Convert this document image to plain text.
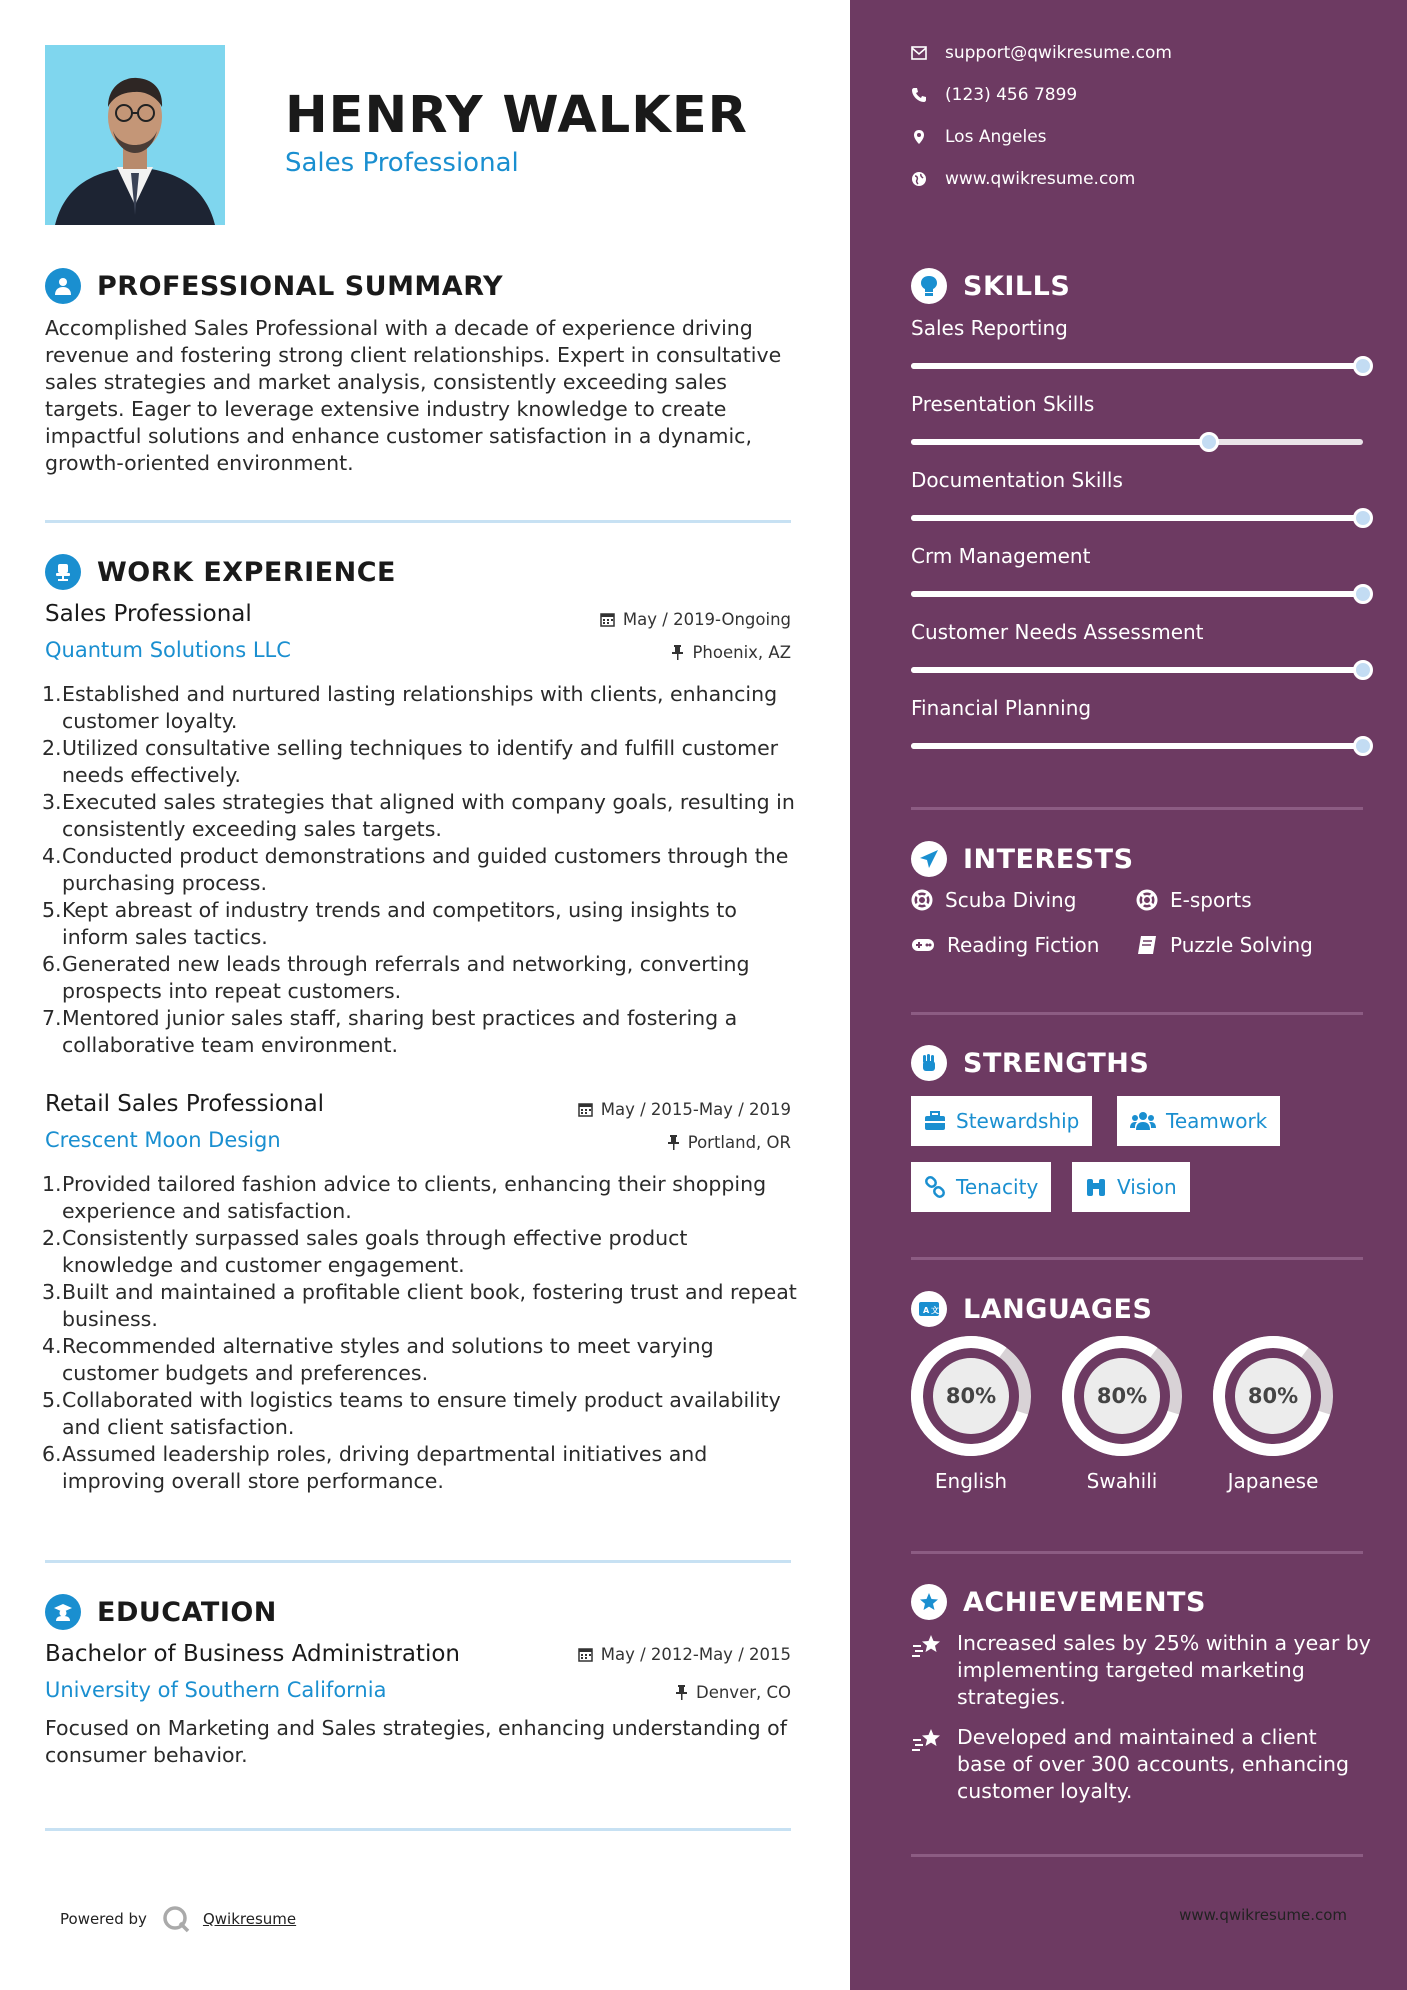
HENRY WALKER
Sales Professional
PROFESSIONAL SUMMARY
Accomplished Sales Professional with a decade of experience driving revenue and fostering strong client relationships. Expert in consultative sales strategies and market analysis, consistently exceeding sales targets. Eager to leverage extensive industry knowledge to create impactful solutions and enhance customer satisfaction in a dynamic, growth-oriented environment.
WORK EXPERIENCE
Sales Professional	May / 2019-Ongoing
Quantum Solutions LLC	Phoenix, AZ
1. Established and nurtured lasting relationships with clients, enhancing customer loyalty.
2. Utilized consultative selling techniques to identify and fulfill customer needs effectively.
3. Executed sales strategies that aligned with company goals, resulting in consistently exceeding sales targets.
4. Conducted product demonstrations and guided customers through the purchasing process.
5. Kept abreast of industry trends and competitors, using insights to inform sales tactics.
6. Generated new leads through referrals and networking, converting prospects into repeat customers.
7. Mentored junior sales staff, sharing best practices and fostering a collaborative team environment.
Retail Sales Professional	May / 2015-May / 2019
Crescent Moon Design	Portland, OR
1. Provided tailored fashion advice to clients, enhancing their shopping experience and satisfaction.
2. Consistently surpassed sales goals through effective product knowledge and customer engagement.
3. Built and maintained a profitable client book, fostering trust and repeat business.
4. Recommended alternative styles and solutions to meet varying customer budgets and preferences.
5. Collaborated with logistics teams to ensure timely product availability and client satisfaction.
6. Assumed leadership roles, driving departmental initiatives and improving overall store performance.
EDUCATION
Bachelor of Business Administration	May / 2012-May / 2015
University of Southern California	Denver, CO
Focused on Marketing and Sales strategies, enhancing understanding of consumer behavior.
Powered by	Qwikresume
support@qwikresume.com
(123) 456 7899
Los Angeles
www.qwikresume.com
SKILLS
Sales Reporting
Presentation Skills
Documentation Skills
Crm Management
Customer Needs Assessment
Financial Planning
INTERESTS
Scuba Diving	E-sports
Reading Fiction	Puzzle Solving
STRENGTHS
Stewardship	Teamwork
Tenacity	Vision
A 文 LANGUAGES
80%
English
80%
Swahili
80%
Japanese
ACHIEVEMENTS
Increased sales by 25% within a year by implementing targeted marketing strategies.
Developed and maintained a client base of over 300 accounts, enhancing customer loyalty.
www.qwikresume.com
